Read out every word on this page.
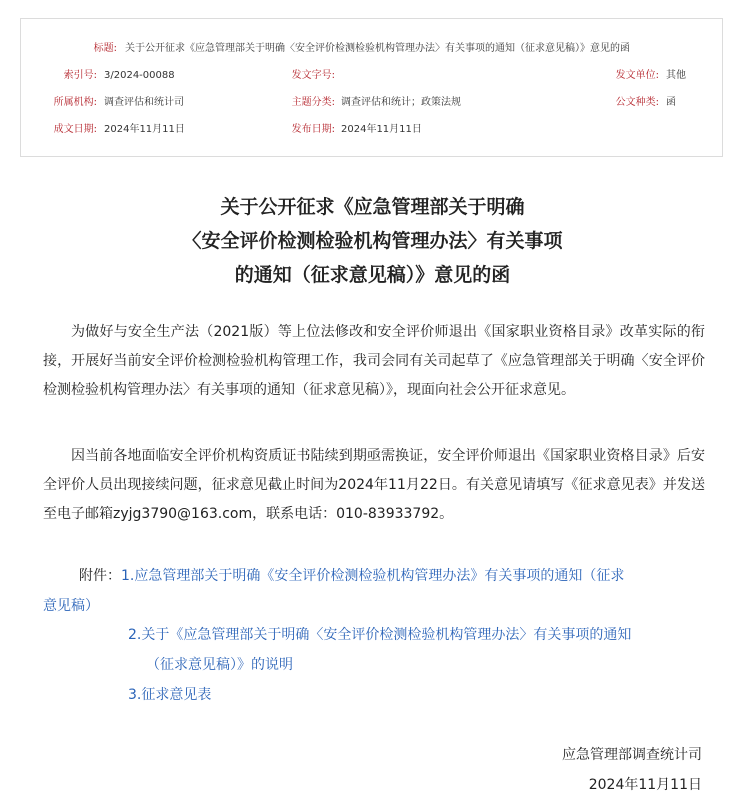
标题: 关于公开征求《应急管理部关于明确〈安全评价检测检验机构管理办法〉有关事项的通知（征求意见稿）》意见的函
索引号: 3/2024-00088	发文字号:	发文单位: 其他
所属机构: 调查评估和统计司	主题分类: 调查评估和统计；政策法规	公文种类: 函
成文日期: 2024年11月11日	发布日期: 2024年11月11日
关于公开征求《应急管理部关于明确
〈安全评价检测检验机构管理办法〉有关事项
的通知（征求意见稿）》意见的函

为做好与安全生产法（2021版）等上位法修改和安全评价师退出《国家职业资格目录》改革实际的衔接，开展好当前安全评价检测检验机构管理工作，我司会同有关司起草了《应急管理部关于明确〈安全评价检测检验机构管理办法〉有关事项的通知（征求意见稿）》，现面向社会公开征求意见。

因当前各地面临安全评价机构资质证书陆续到期亟需换证，安全评价师退出《国家职业资格目录》后安全评价人员出现接续问题，征求意见截止时间为2024年11月22日。有关意见请填写《征求意见表》并发送至电子邮箱zyjg3790@163.com，联系电话：010-83933792。

附件：1.应急管理部关于明确《安全评价检测检验机构管理办法》有关事项的通知（征求
意见稿）
2.关于《应急管理部关于明确〈安全评价检测检验机构管理办法〉有关事项的通知
（征求意见稿）》的说明
3.征求意见表
应急管理部调查统计司
2024年11月11日
